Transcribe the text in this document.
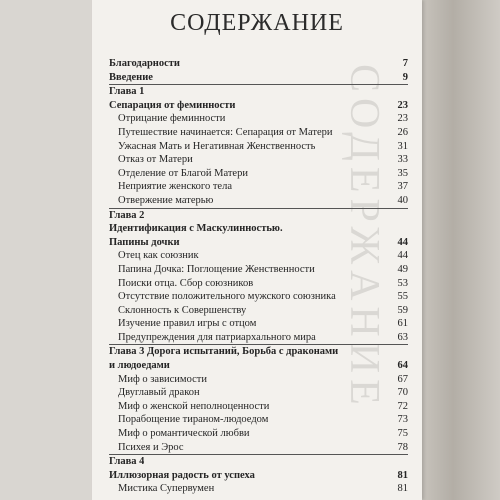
СОДЕРЖАНИЕ
СОДЕРЖАНИЕ
Благодарности	7
Введение	9
Глава 1
Сепарация от феминности	23
Отрицание феминности	23
Путешествие начинается: Сепарация от Матери	26
Ужасная Мать и Негативная Женственность	31
Отказ от Матери	33
Отделение от Благой Матери	35
Неприятие женского тела	37
Отвержение матерью	40
Глава 2
Идентификация с Маскулинностью.
Папины дочки	44
Отец как союзник	44
Папина Дочка: Поглощение Женственности	49
Поиски отца. Сбор союзников	53
Отсутствие положительного мужского союзника	55
Склонность к Совершенству	59
Изучение правил игры с отцом	61
Предупреждения для патриархального мира	63
Глава 3 Дорога испытаний, Борьба с драконами
и людоедами	64
Миф о зависимости	67
Двуглавый дракон	70
Миф о женской неполноценности	72
Порабощение тираном-людоедом	73
Миф о романтической любви	75
Психея и Эрос	78
Глава 4
Иллюзорная радость от успеха	81
Мистика Супервумен	81
